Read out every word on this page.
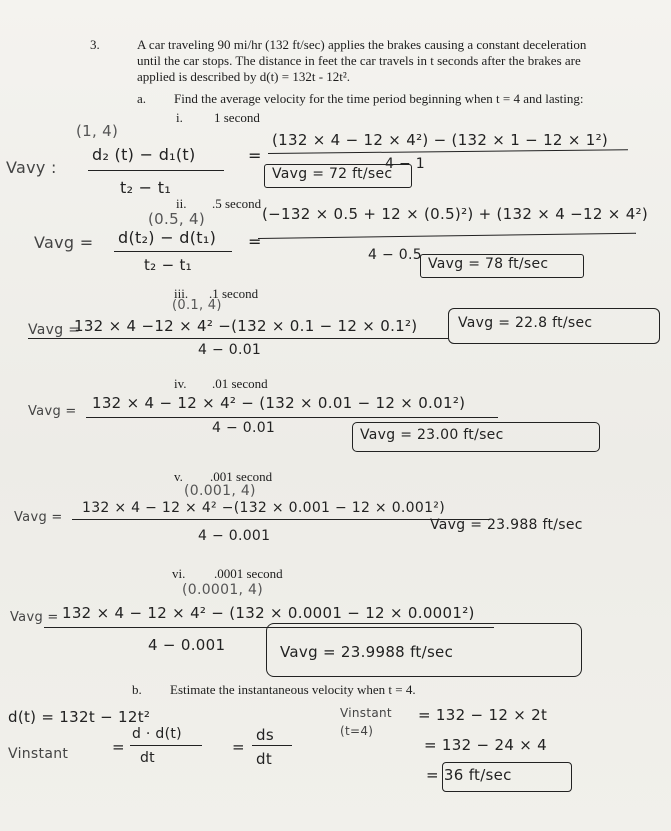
3.	A car traveling 90 mi/hr (132 ft/sec) applies the brakes causing a constant deceleration
until the car stops. The distance in feet the car travels in t seconds after the brakes are
applied is described by d(t) = 132t - 12t².
a. Find the average velocity for the time period beginning when t = 4 and lasting:
i. 1 second
(1, 4)
Vavy :
d₂ (t) − d₁(t)
t₂ − t₁
=
(132 × 4 − 12 × 4²) − (132 × 1 − 12 × 1²)
4 − 1
Vavg = 72 ft/sec
ii. .5 second
(0.5, 4)
Vavg = d(t₂) − d(t₁)
t₂ − t₁
=
(−132 × 0.5 + 12 × (0.5)²) + (132 × 4 −12 × 4²)
4 − 0.5
Vavg = 78 ft/sec
iii. .1 second
(0.1, 4)
Vavg =
132 × 4 −12 × 4² −(132 × 0.1 − 12 × 0.1²)
4 − 0.01
Vavg = 22.8 ft/sec
iv. .01 second
Vavg = 132 × 4 − 12 × 4² − (132 × 0.01 − 12 × 0.01²)
4 − 0.01	Vavg = 23.00 ft/sec
v. .001 second
(0.001, 4)
Vavg =
132 × 4 − 12 × 4² −(132 × 0.001 − 12 × 0.001²)
4 − 0.001
Vavg = 23.988 ft/sec
vi. .0001 second
(0.0001, 4)
Vavg = 132 × 4 − 12 × 4² − (132 × 0.0001 − 12 × 0.0001²)
4 − 0.001	Vavg = 23.9988 ft/sec
b. Estimate the instantaneous velocity when t = 4.
d(t) = 132t − 12t²
Vinstant	=
d · d(t)
dt
=
ds
dt
Vinstant
(t=4)
= 132 − 12 × 2t
= 132 − 24 × 4
= 36 ft/sec
